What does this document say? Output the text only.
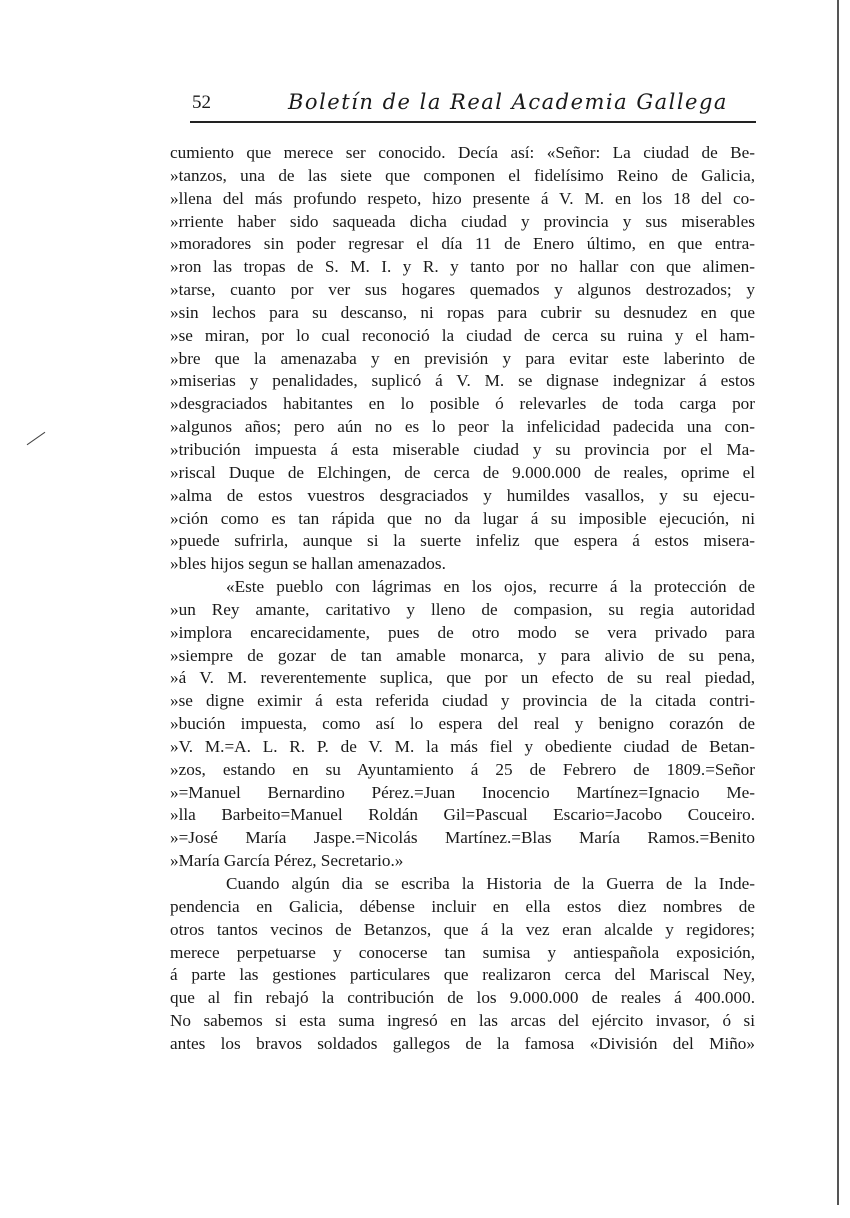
52	Boletín de la Real Academia Gallega
cumiento que merece ser conocido. Decía así: «Señor: La ciudad de Be-
»tanzos, una de las siete que componen el fidelísimo Reino de Galicia,
»llena del más profundo respeto, hizo presente á V. M. en los 18 del co-
»rriente haber sido saqueada dicha ciudad y provincia y sus miserables
»moradores sin poder regresar el día 11 de Enero último, en que entra-
»ron las tropas de S. M. I. y R. y tanto por no hallar con que alimen-
»tarse, cuanto por ver sus hogares quemados y algunos destrozados; y
»sin lechos para su descanso, ni ropas para cubrir su desnudez en que
»se miran, por lo cual reconoció la ciudad de cerca su ruina y el ham-
»bre que la amenazaba y en previsión y para evitar este laberinto de
»miserias y penalidades, suplicó á V. M. se dignase indegnizar á estos
»desgraciados habitantes en lo posible ó relevarles de toda carga por
»algunos años; pero aún no es lo peor la infelicidad padecida una con-
»tribución impuesta á esta miserable ciudad y su provincia por el Ma-
»riscal Duque de Elchingen, de cerca de 9.000.000 de reales, oprime el
»alma de estos vuestros desgraciados y humildes vasallos, y su ejecu-
»ción como es tan rápida que no da lugar á su imposible ejecución, ni
»puede sufrirla, aunque si la suerte infeliz que espera á estos misera-
»bles hijos segun se hallan amenazados.
«Este pueblo con lágrimas en los ojos, recurre á la protección de
»un Rey amante, caritativo y lleno de compasion, su regia autoridad
»implora encarecidamente, pues de otro modo se vera privado para
»siempre de gozar de tan amable monarca, y para alivio de su pena,
»á V. M. reverentemente suplica, que por un efecto de su real piedad,
»se digne eximir á esta referida ciudad y provincia de la citada contri-
»bución impuesta, como así lo espera del real y benigno corazón de
»V. M.=A. L. R. P. de V. M. la más fiel y obediente ciudad de Betan-
»zos, estando en su Ayuntamiento á 25 de Febrero de 1809.=Señor
»=Manuel Bernardino Pérez.=Juan Inocencio Martínez=Ignacio Me-
»lla Barbeito=Manuel Roldán Gil=Pascual Escario=Jacobo Couceiro.
»=José María Jaspe.=Nicolás Martínez.=Blas María Ramos.=Benito
»María García Pérez, Secretario.»
Cuando algún dia se escriba la Historia de la Guerra de la Inde-
pendencia en Galicia, débense incluir en ella estos diez nombres de
otros tantos vecinos de Betanzos, que á la vez eran alcalde y regidores;
merece perpetuarse y conocerse tan sumisa y antiespañola exposición,
á parte las gestiones particulares que realizaron cerca del Mariscal Ney,
que al fin rebajó la contribución de los 9.000.000 de reales á 400.000.
No sabemos si esta suma ingresó en las arcas del ejército invasor, ó si
antes los bravos soldados gallegos de la famosa «División del Miño»
